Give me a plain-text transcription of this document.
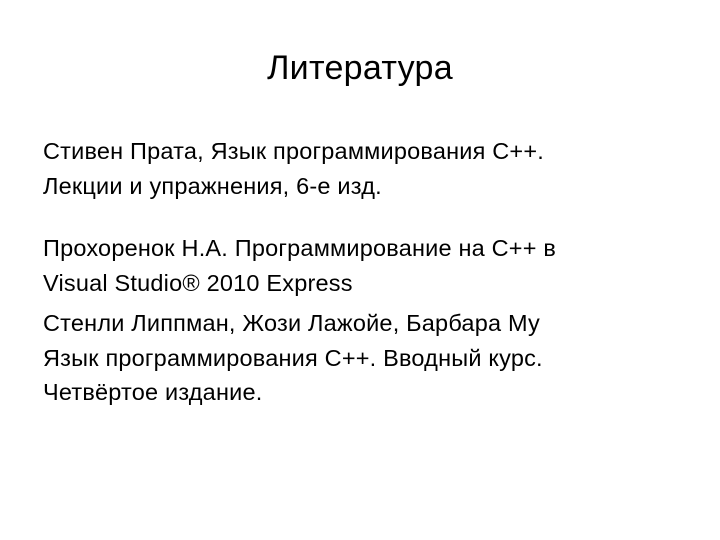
Литература

Стивен Прата, Язык программирования С++.
Лекции и упражнения, 6-е изд.

Прохоренок Н.А. Программирование на C++ в
Visual Studio® 2010 Express

Стенли Липпман, Жози Лажойе, Барбара Му
Язык программирования С++. Вводный курс.
Четвёртое издание.
